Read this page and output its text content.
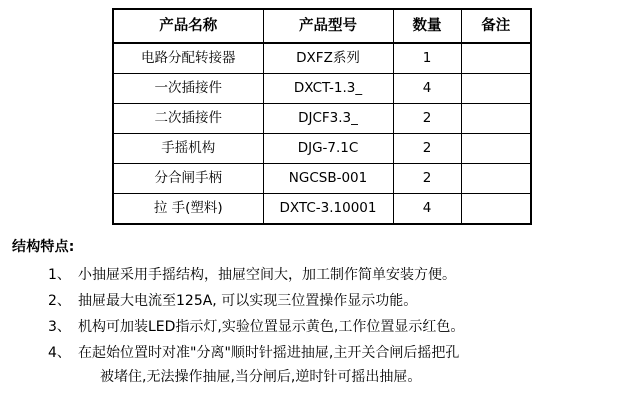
产品名称	产品型号	数量	备注
电路分配转接器	DXFZ系列	1	
一次插接件	DXCT-1.3_	4	
二次插接件	DJCF3.3_	2	
手摇机构	DJG-7.1C	2	
分合闸手柄	NGCSB-001	2	
拉 手(塑料)	DXTC-3.10001	4	
结构特点:
1、 小抽屉采用手摇结构，抽屉空间大，加工制作简单安装方便。
2、 抽屉最大电流至125A, 可以实现三位置操作显示功能。
3、 机构可加装LED指示灯,实验位置显示黄色,工作位置显示红色。
4、 在起始位置时对准"分离"顺时针摇进抽屉,主开关合闸后摇把孔
被堵住,无法操作抽屉,当分闸后,逆时针可摇出抽屉。
